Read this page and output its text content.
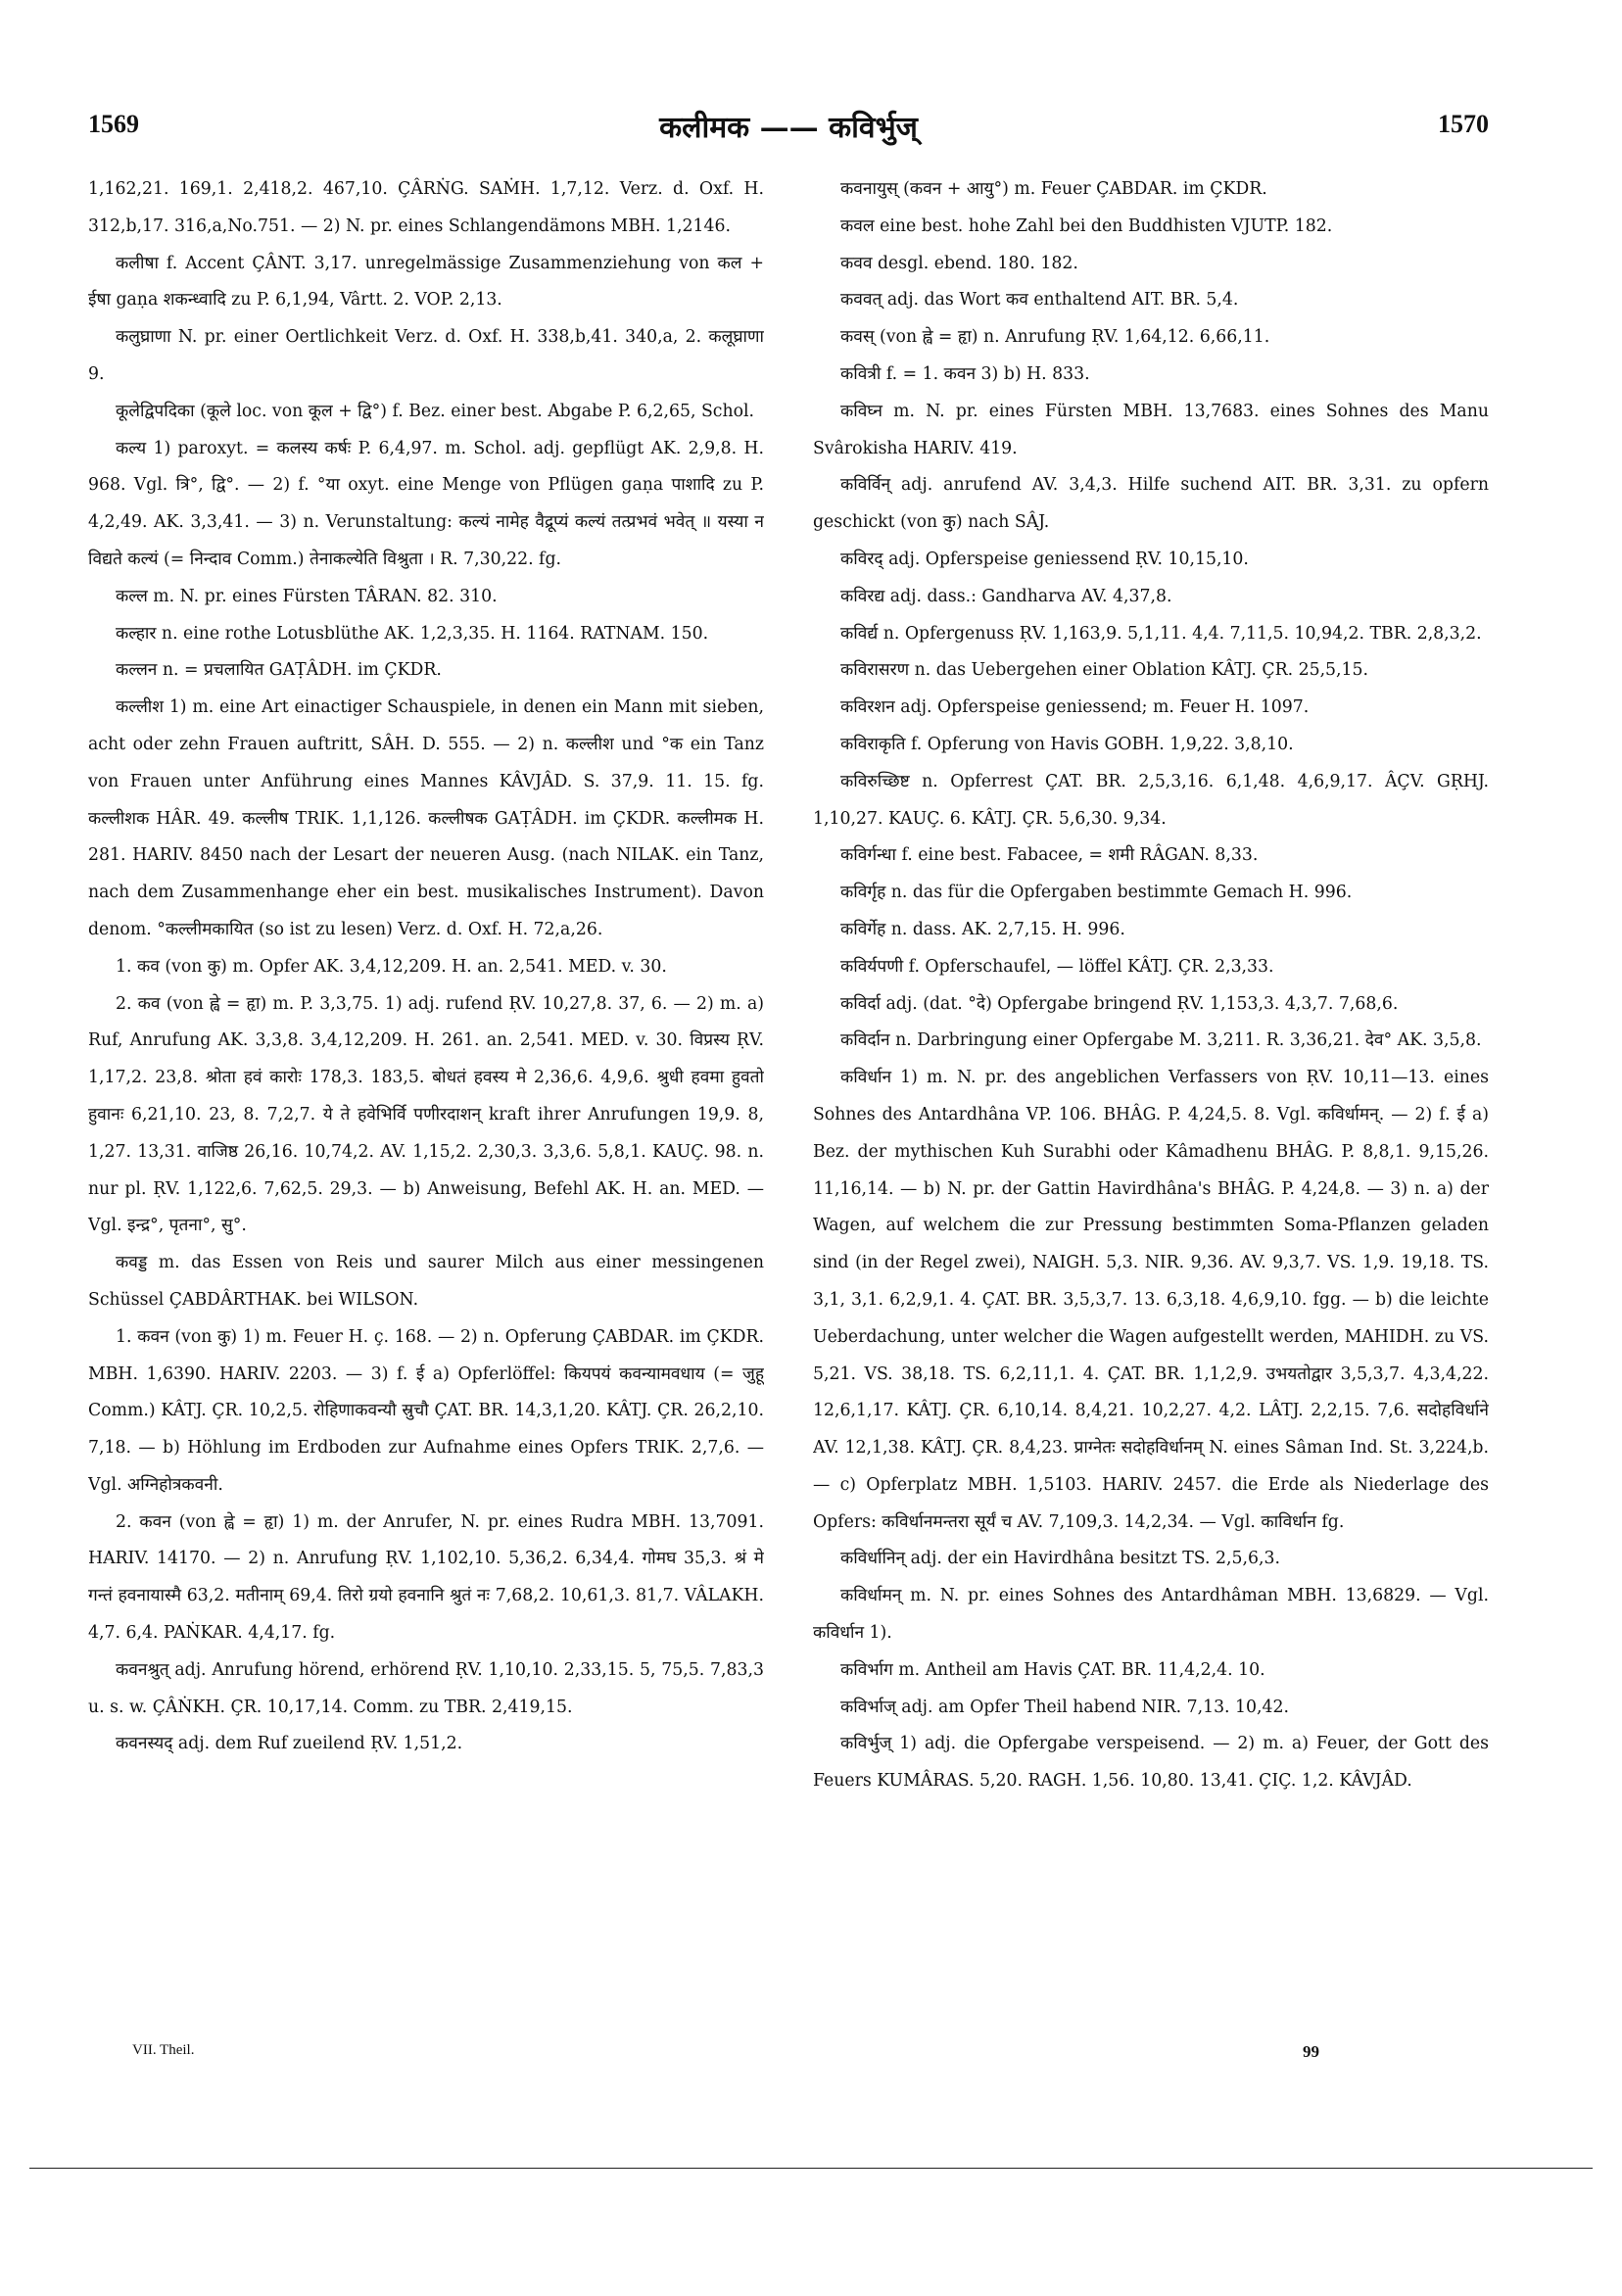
1569	कलीमक —— कविर्भुज्	1570

1,162,21. 169,1. 2,418,2. 467,10. ÇÂRṄG. SAṀH. 1,7,12. Verz. d. Oxf. H. 312,b,17. 316,a,No.751. — 2) N. pr. eines Schlangendämons MBH. 1,2146.

कलीषा f. Accent ÇÂNT. 3,17. unregelmässige Zusammenziehung von कल + ईषा gaṇa शकन्ध्वादि zu P. 6,1,94, Vârtt. 2. VOP. 2,13.

कलुघ्राणा N. pr. einer Oertlichkeit Verz. d. Oxf. H. 338,b,41. 340,a, 2. कलूघ्राणा 9.

कूलेद्विपदिका (कूले loc. von कूल + द्वि°) f. Bez. einer best. Abgabe P. 6,2,65, Schol.

कल्य 1) paroxyt. = कलस्य कर्षः P. 6,4,97. m. Schol. adj. gepflügt AK. 2,9,8. H. 968. Vgl. त्रि°, द्वि°. — 2) f. °या oxyt. eine Menge von Pflügen gaṇa पाशादि zu P. 4,2,49. AK. 3,3,41. — 3) n. Verunstaltung: कल्यं नामेह वैद्रूप्यं कल्यं तत्प्रभवं भवेत् ॥ यस्या न विद्यते कल्यं (= निन्दाव Comm.) तेनाकल्येति विश्रुता । R. 7,30,22. fg.

कल्ल m. N. pr. eines Fürsten TÂRAN. 82. 310.

कल्हार n. eine rothe Lotusblüthe AK. 1,2,3,35. H. 1164. RATNAM. 150.

कल्लन n. = प्रचलायित GAṬÂDH. im ÇKDR.

कल्लीश 1) m. eine Art einactiger Schauspiele, in denen ein Mann mit sieben, acht oder zehn Frauen auftritt, SÂH. D. 555. — 2) n. कल्लीश und °क ein Tanz von Frauen unter Anführung eines Mannes KÂVJÂD. S. 37,9. 11. 15. fg. कल्लीशक HÂR. 49. कल्लीष TRIK. 1,1,126. कल्लीषक GAṬÂDH. im ÇKDR. कल्लीमक H. 281. HARIV. 8450 nach der Lesart der neueren Ausg. (nach NILAK. ein Tanz, nach dem Zusammenhange eher ein best. musikalisches Instrument). Davon denom. °कल्लीमकायित (so ist zu lesen) Verz. d. Oxf. H. 72,a,26.

1. कव (von कु) m. Opfer AK. 3,4,12,209. H. an. 2,541. MED. v. 30.

2. कव (von ह्वे = हृा) m. P. 3,3,75. 1) adj. rufend ṚV. 10,27,8. 37, 6. — 2) m. a) Ruf, Anrufung AK. 3,3,8. 3,4,12,209. H. 261. an. 2,541. MED. v. 30. विप्रस्य ṚV. 1,17,2. 23,8. श्रोता हवं कारोः 178,3. 183,5. बोधतं हवस्य मे 2,36,6. 4,9,6. श्रुधी हवमा हुवतो हुवानः 6,21,10. 23, 8. 7,2,7. ये ते हवेभिर्वि पणीरदाशन् kraft ihrer Anrufungen 19,9. 8, 1,27. 13,31. वाजिष्ठ 26,16. 10,74,2. AV. 1,15,2. 2,30,3. 3,3,6. 5,8,1. KAUÇ. 98. n. nur pl. ṚV. 1,122,6. 7,62,5. 29,3. — b) Anweisung, Befehl AK. H. an. MED. — Vgl. इन्द्र°, पृतना°, सु°.

कवड्ड m. das Essen von Reis und saurer Milch aus einer messingenen Schüssel ÇABDÂRTHAK. bei WILSON.

1. कवन (von कु) 1) m. Feuer H. ç. 168. — 2) n. Opferung ÇABDAR. im ÇKDR. MBH. 1,6390. HARIV. 2203. — 3) f. ई a) Opferlöffel: कियपयं कवन्यामवधाय (= जुहू Comm.) KÂTJ. ÇR. 10,2,5. रोहिणाकवन्यौ स्रुचौ ÇAT. BR. 14,3,1,20. KÂTJ. ÇR. 26,2,10. 7,18. — b) Höhlung im Erdboden zur Aufnahme eines Opfers TRIK. 2,7,6. — Vgl. अग्निहोत्रकवनी.

2. कवन (von ह्वे = हृा) 1) m. der Anrufer, N. pr. eines Rudra MBH. 13,7091. HARIV. 14170. — 2) n. Anrufung ṚV. 1,102,10. 5,36,2. 6,34,4. गोमघ 35,3. श्रं मे गन्तं हवनायास्मै 63,2. मतीनाम् 69,4. तिरो ग्रयो हवनानि श्रुतं नः 7,68,2. 10,61,3. 81,7. VÂLAKH. 4,7. 6,4. PAṄKAR. 4,4,17. fg.

कवनश्रुत् adj. Anrufung hörend, erhörend ṚV. 1,10,10. 2,33,15. 5, 75,5. 7,83,3 u. s. w. ÇÂṄKH. ÇR. 10,17,14. Comm. zu TBR. 2,419,15.

कवनस्यद् adj. dem Ruf zueilend ṚV. 1,51,2.

कवनायुस् (कवन + आयु°) m. Feuer ÇABDAR. im ÇKDR.

कवल eine best. hohe Zahl bei den Buddhisten VJUTP. 182.

कवव desgl. ebend. 180. 182.

कववत् adj. das Wort कव enthaltend AIT. BR. 5,4.

कवस् (von ह्वे = हृा) n. Anrufung ṚV. 1,64,12. 6,66,11.

कवित्री f. = 1. कवन 3) b) H. 833.

कविघ्न m. N. pr. eines Fürsten MBH. 13,7683. eines Sohnes des Manu Svârokisha HARIV. 419.

कविर्विन् adj. anrufend AV. 3,4,3. Hilfe suchend AIT. BR. 3,31. zu opfern geschickt (von कु) nach SÂJ.

कविरद् adj. Opferspeise geniessend ṚV. 10,15,10.

कविरद्य adj. dass.: Gandharva AV. 4,37,8.

कविर्द्य n. Opfergenuss ṚV. 1,163,9. 5,1,11. 4,4. 7,11,5. 10,94,2. TBR. 2,8,3,2.

कविरासरण n. das Uebergehen einer Oblation KÂTJ. ÇR. 25,5,15.

कविरशन adj. Opferspeise geniessend; m. Feuer H. 1097.

कविराकृति f. Opferung von Havis GOBH. 1,9,22. 3,8,10.

कविरुच्छिष्ट n. Opferrest ÇAT. BR. 2,5,3,16. 6,1,48. 4,6,9,17. ÂÇV. GṚHJ. 1,10,27. KAUÇ. 6. KÂTJ. ÇR. 5,6,30. 9,34.

कविर्गन्धा f. eine best. Fabacee, = शमी RÂGAN. 8,33.

कविर्गृह n. das für die Opfergaben bestimmte Gemach H. 996.

कविर्गेह n. dass. AK. 2,7,15. H. 996.

कविर्यपणी f. Opferschaufel, — löffel KÂTJ. ÇR. 2,3,33.

कविर्दा adj. (dat. °दे) Opfergabe bringend ṚV. 1,153,3. 4,3,7. 7,68,6.

कविर्दान n. Darbringung einer Opfergabe M. 3,211. R. 3,36,21. देव° AK. 3,5,8.

कविर्धान 1) m. N. pr. des angeblichen Verfassers von ṚV. 10,11—13. eines Sohnes des Antardhâna VP. 106. BHÂG. P. 4,24,5. 8. Vgl. कविर्धामन्. — 2) f. ई a) Bez. der mythischen Kuh Surabhi oder Kâmadhenu BHÂG. P. 8,8,1. 9,15,26. 11,16,14. — b) N. pr. der Gattin Havirdhâna's BHÂG. P. 4,24,8. — 3) n. a) der Wagen, auf welchem die zur Pressung bestimmten Soma-Pflanzen geladen sind (in der Regel zwei), NAIGH. 5,3. NIR. 9,36. AV. 9,3,7. VS. 1,9. 19,18. TS. 3,1, 3,1. 6,2,9,1. 4. ÇAT. BR. 3,5,3,7. 13. 6,3,18. 4,6,9,10. fgg. — b) die leichte Ueberdachung, unter welcher die Wagen aufgestellt werden, MAHIDH. zu VS. 5,21. VS. 38,18. TS. 6,2,11,1. 4. ÇAT. BR. 1,1,2,9. उभयतोद्वार 3,5,3,7. 4,3,4,22. 12,6,1,17. KÂTJ. ÇR. 6,10,14. 8,4,21. 10,2,27. 4,2. LÂTJ. 2,2,15. 7,6. सदोहविर्धाने AV. 12,1,38. KÂTJ. ÇR. 8,4,23. प्राग्नेतः सदोहविर्धानम् N. eines Sâman Ind. St. 3,224,b. — c) Opferplatz MBH. 1,5103. HARIV. 2457. die Erde als Niederlage des Opfers: कविर्धानमन्तरा सूर्यं च AV. 7,109,3. 14,2,34. — Vgl. काविर्धान fg.

कविर्धानिन् adj. der ein Havirdhâna besitzt TS. 2,5,6,3.

कविर्धामन् m. N. pr. eines Sohnes des Antardhâman MBH. 13,6829. — Vgl. कविर्धान 1).

कविर्भाग m. Antheil am Havis ÇAT. BR. 11,4,2,4. 10.

कविर्भाज् adj. am Opfer Theil habend NIR. 7,13. 10,42.

कविर्भुज् 1) adj. die Opfergabe verspeisend. — 2) m. a) Feuer, der Gott des Feuers KUMÂRAS. 5,20. RAGH. 1,56. 10,80. 13,41. ÇIÇ. 1,2. KÂVJÂD.

VII. Theil.	99
